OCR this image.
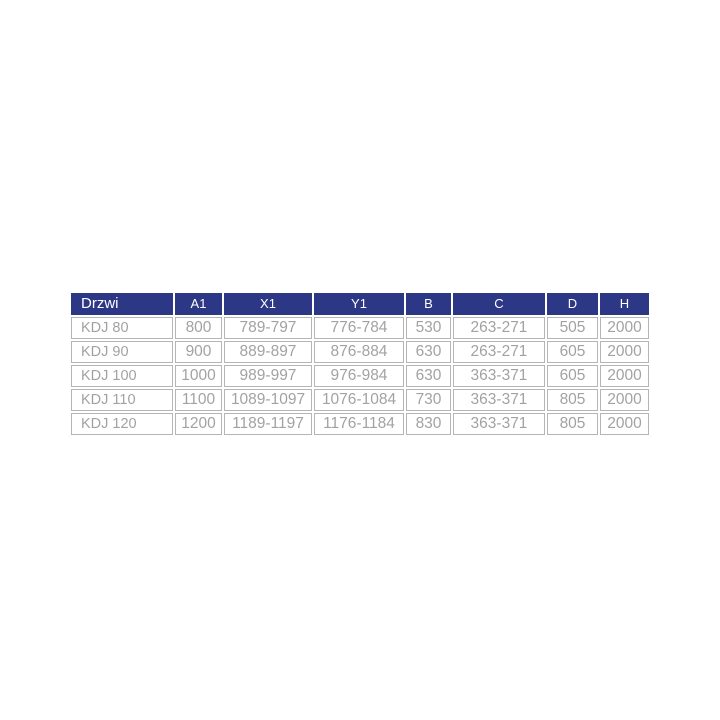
Drzwi	A1	X1	Y1	B	C	D	H
KDJ 80	800	789-797	776-784	530	263-271	505	2000
KDJ 90	900	889-897	876-884	630	263-271	605	2000
KDJ 100	1000	989-997	976-984	630	363-371	605	2000
KDJ 110	1100	1089-1097	1076-1084	730	363-371	805	2000
KDJ 120	1200	1189-1197	1176-1184	830	363-371	805	2000
